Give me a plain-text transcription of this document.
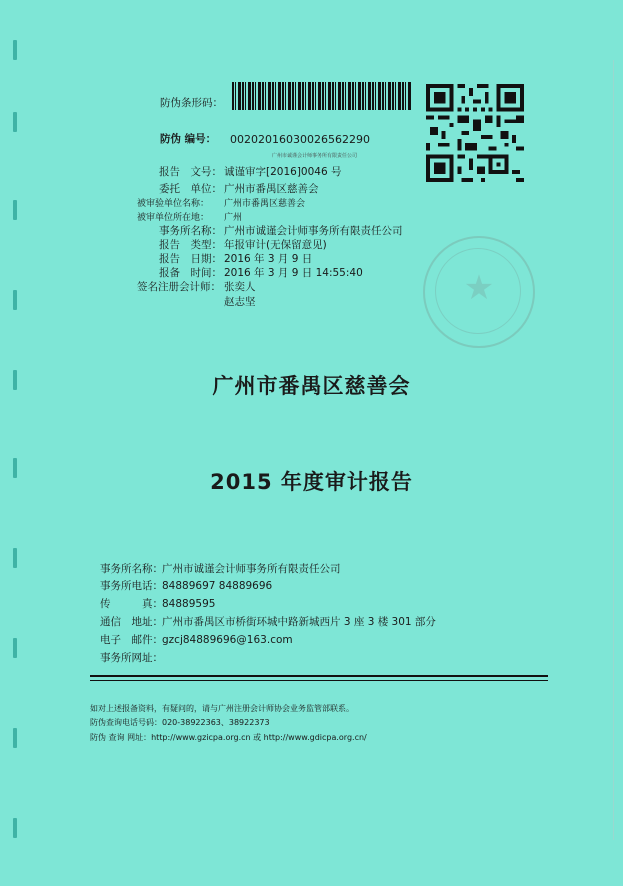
防伪条形码：
防伪 编号： 00202016030026562290
广州市诚谨会计师事务所有限责任公司
报告　文号： 诚谨审字[2016]0046 号
委托　单位： 广州市番禺区慈善会
被审验单位名称： 广州市番禺区慈善会
被审单位所在地： 广州
事务所名称： 广州市诚谨会计师事务所有限责任公司
报告　类型： 年报审计(无保留意见)
报告　日期： 2016 年 3 月 9 日
报备　时间： 2016 年 3 月 9 日 14:55:40
签名注册会计师： 张奕人
赵志坚	★
广州市番禺区慈善会
2015 年度审计报告
事务所名称：广州市诚谨会计师事务所有限责任公司
事务所电话：84889697 84889696
传　　　真：84889595
通信　地址：广州市番禺区市桥街环城中路新城西片 3 座 3 楼 301 部分
电子　邮件：gzcj84889696@163.com
事务所网址：
如对上述报备资料，有疑问的，请与广州注册会计师协会业务监管部联系。
防伪查询电话号码：020-38922363、38922373
防伪 查询 网址：http://www.gzicpa.org.cn 或 http://www.gdicpa.org.cn/
